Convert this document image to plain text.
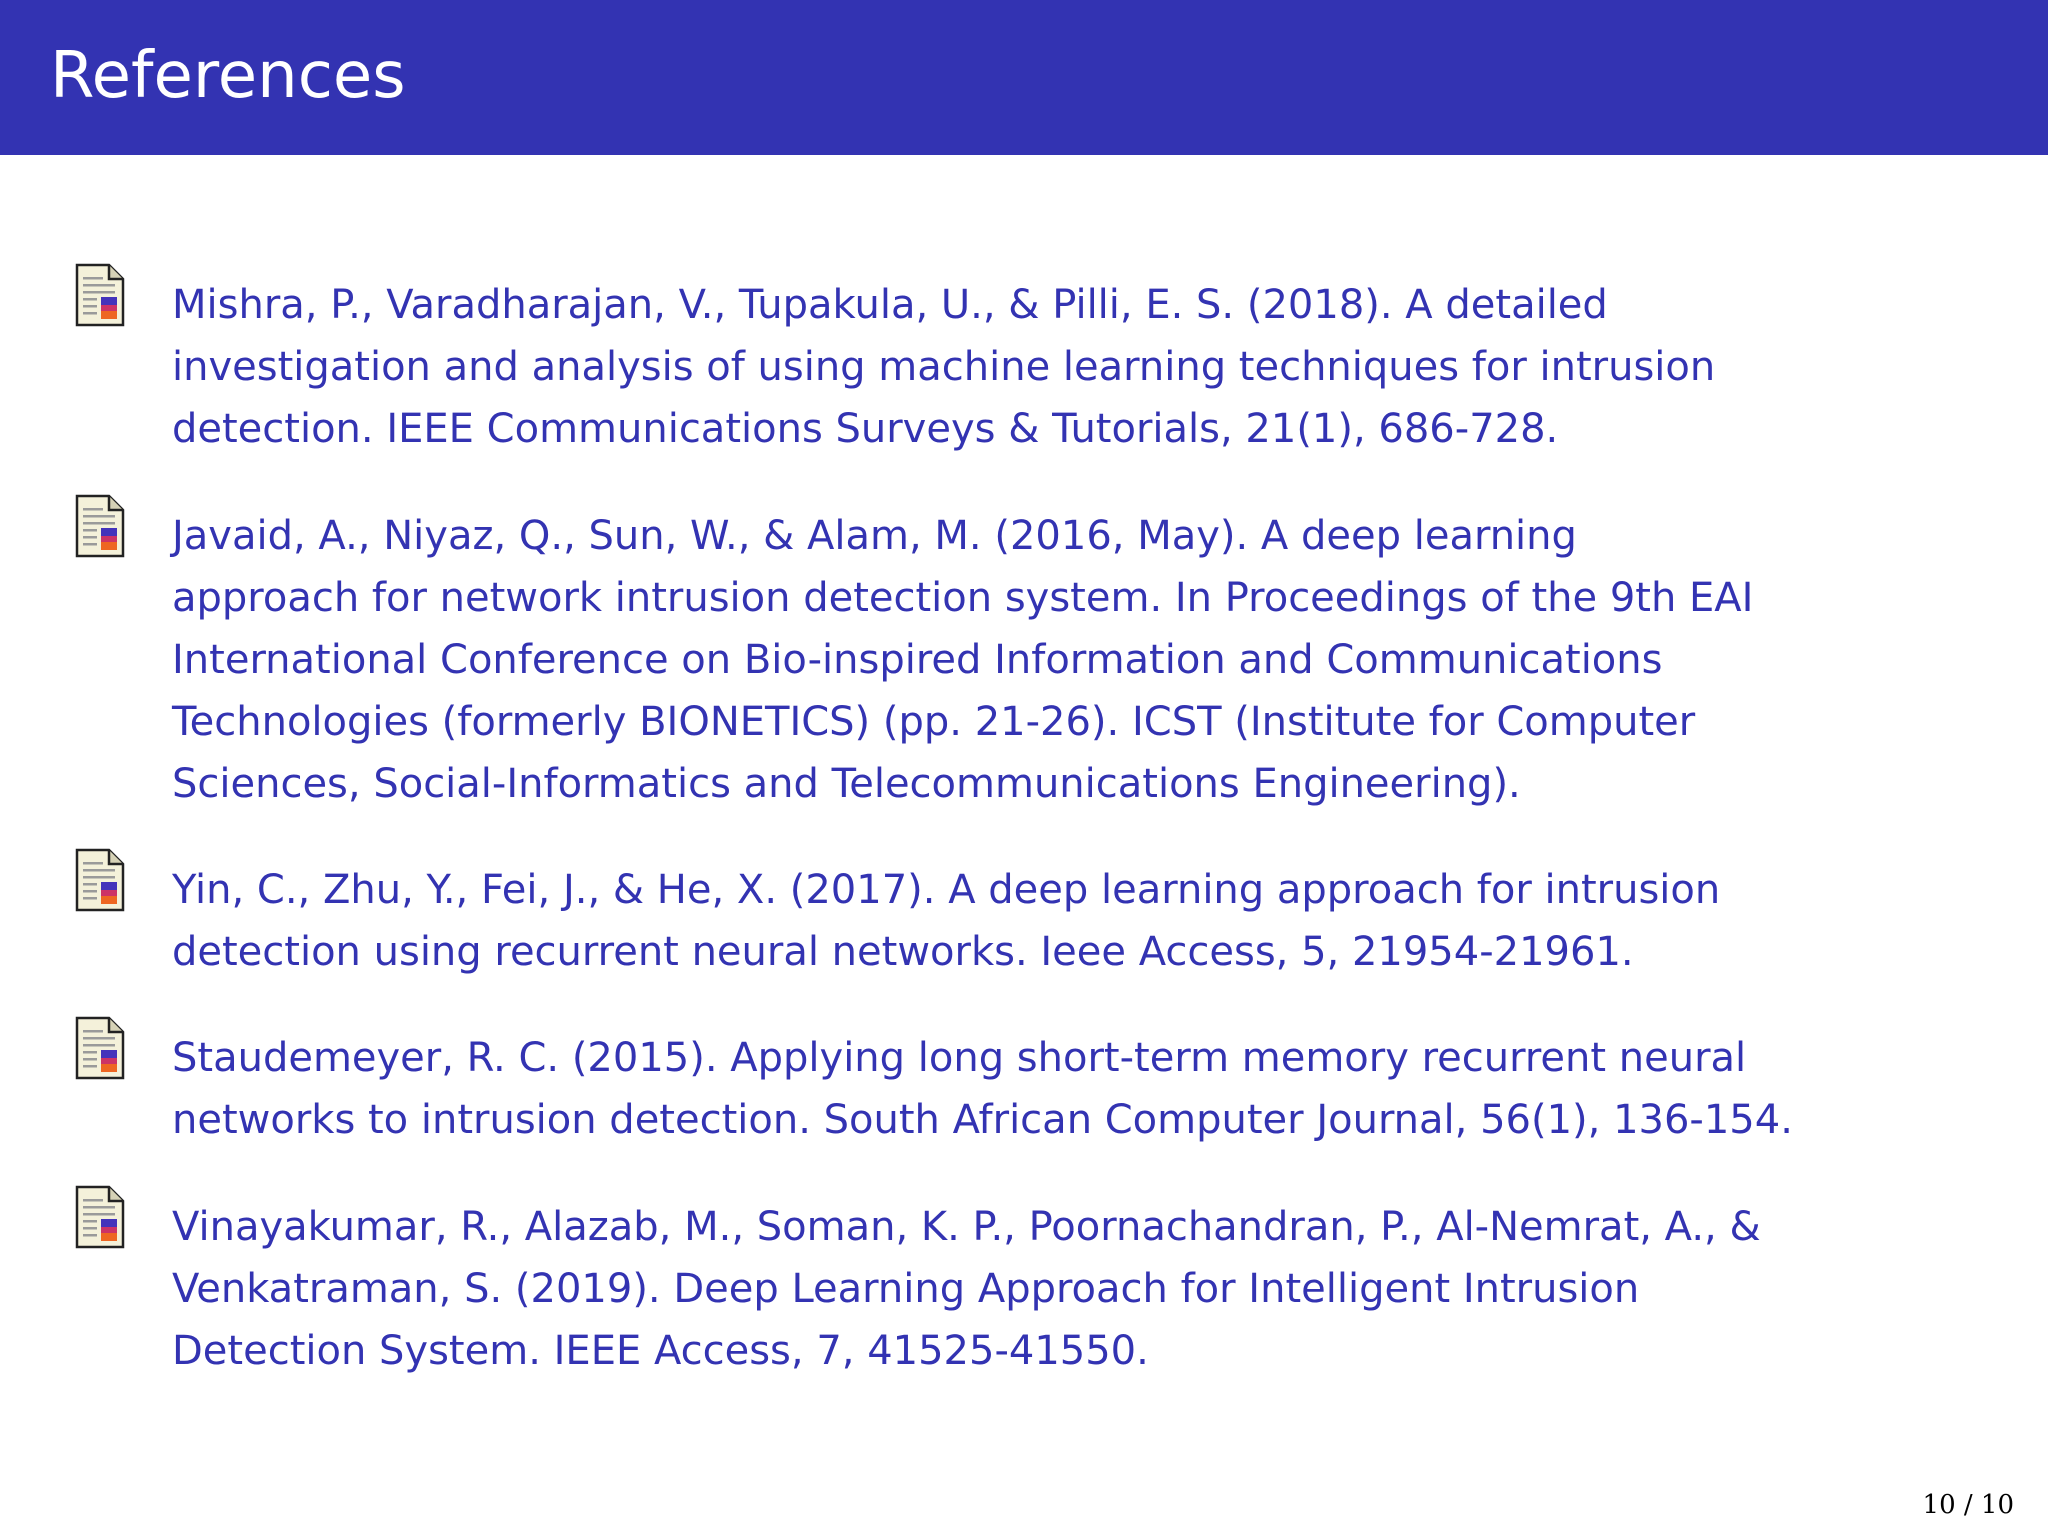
References
Mishra, P., Varadharajan, V., Tupakula, U., & Pilli, E. S. (2018). A detailed
investigation and analysis of using machine learning techniques for intrusion
detection. IEEE Communications Surveys & Tutorials, 21(1), 686-728.
Javaid, A., Niyaz, Q., Sun, W., & Alam, M. (2016, May). A deep learning
approach for network intrusion detection system. In Proceedings of the 9th EAI
International Conference on Bio-inspired Information and Communications
Technologies (formerly BIONETICS) (pp. 21-26). ICST (Institute for Computer
Sciences, Social-Informatics and Telecommunications Engineering).
Yin, C., Zhu, Y., Fei, J., & He, X. (2017). A deep learning approach for intrusion
detection using recurrent neural networks. Ieee Access, 5, 21954-21961.
Staudemeyer, R. C. (2015). Applying long short-term memory recurrent neural
networks to intrusion detection. South African Computer Journal, 56(1), 136-154.
Vinayakumar, R., Alazab, M., Soman, K. P., Poornachandran, P., Al-Nemrat, A., &
Venkatraman, S. (2019). Deep Learning Approach for Intelligent Intrusion
Detection System. IEEE Access, 7, 41525-41550.
10 / 10
